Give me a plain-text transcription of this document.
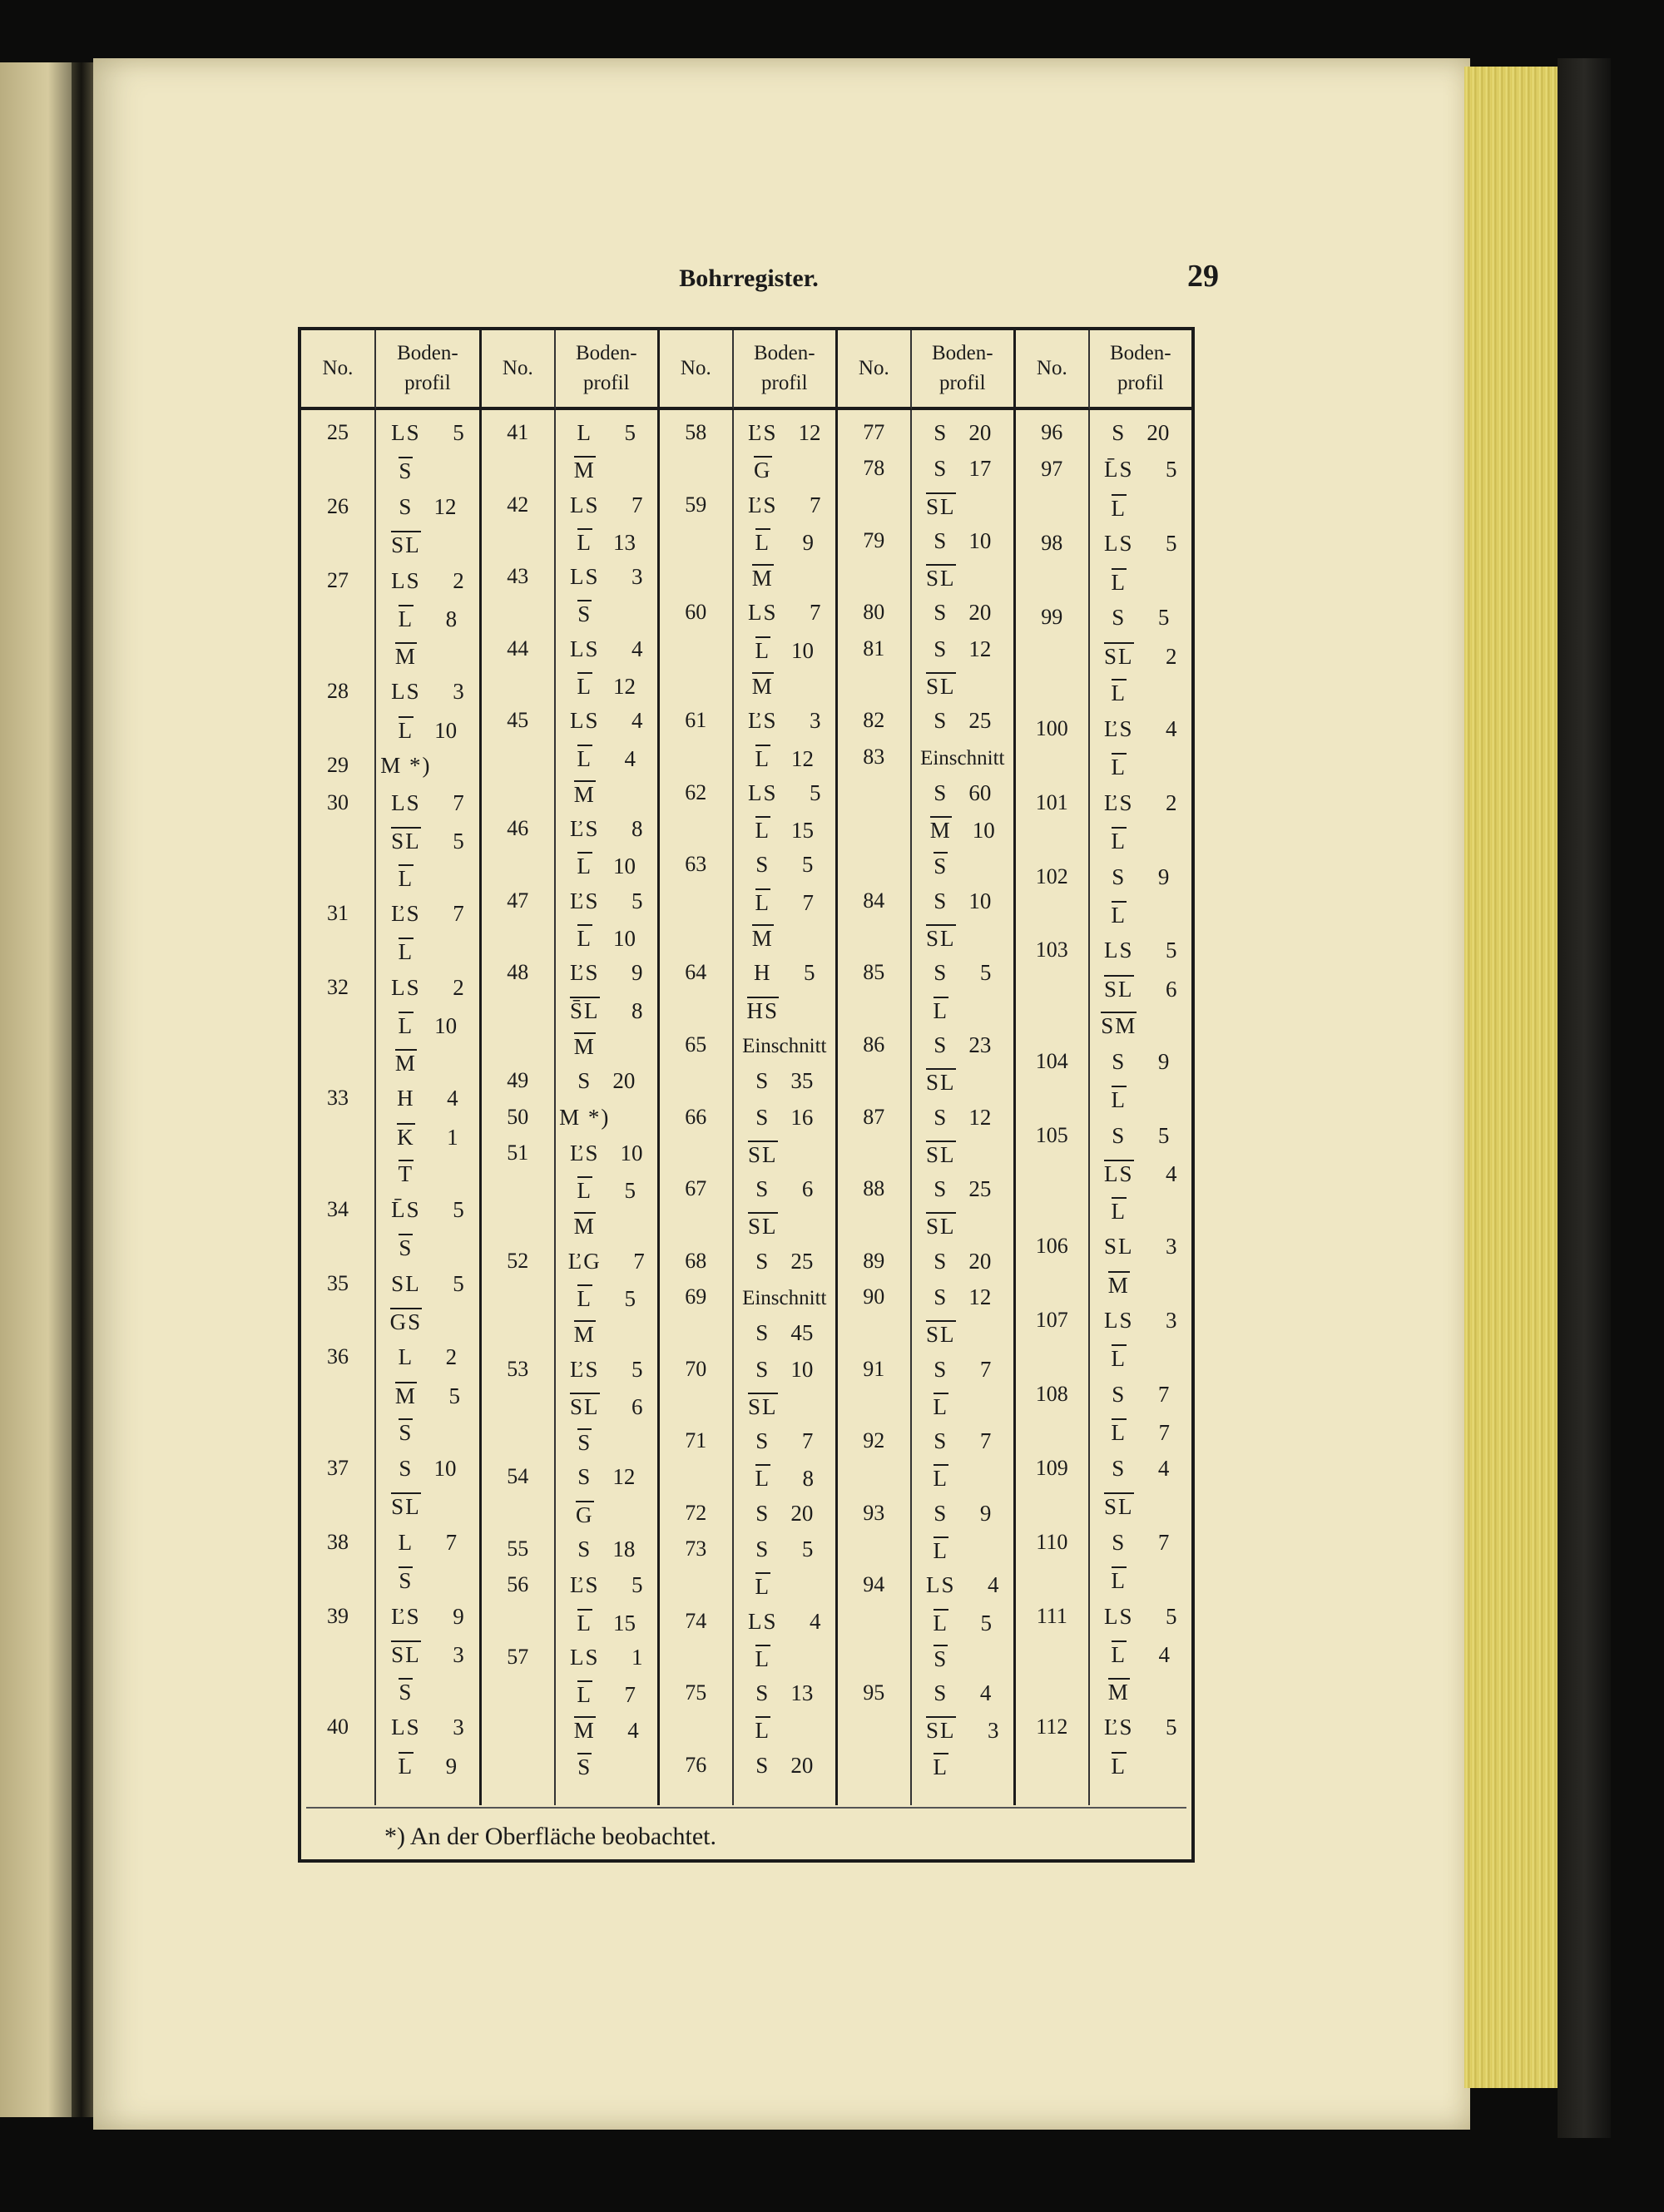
Bohrregister.	29
No.
Boden-
profil
25
26
27
28
29
30
31
32
33
34
35
36
37
38
39
40
LS 5
S
S 12
SL
LS 2
L 8
M
LS 3
L 10
M *)
LS 7
SL 5
L
ĽS 7
L
LS 2
L 10
M
H 4
K 1
T
L̄S 5
S
SL 5
GS
L 2
M 5
S
S 10
SL
L 7
S
ĽS 9
SL 3
S
LS 3
L 9
No.
Boden-
profil
41
42
43
44
45
46
47
48
49
50
51
52
53
54
55
56
57
L 5
M
LS 7
L 13
LS 3
S
LS 4
L 12
LS 4
L 4
M
ĽS 8
L 10
ĽS 5
L 10
ĽS 9
S̄L 8
M
S 20
M *)
ĽS 10
L 5
M
ĽG 7
L 5
M
ĽS 5
SL 6
S
S 12
G
S 18
ĽS 5
L 15
LS 1
L 7
M 4
S
No.
Boden-
profil
58
59
60
61
62
63
64
65
66
67
68
69
70
71
72
73
74
75
76
ĽS 12
G
ĽS 7
L 9
M
LS 7
L 10
M
ĽS 3
L 12
LS 5
L 15
S 5
L 7
M
H 5
HS
Einschnitt
S 35
S 16
SL
S 6
SL
S 25
Einschnitt
S 45
S 10
SL
S 7
L 8
S 20
S 5
L
LS 4
L
S 13
L
S 20
No.
Boden-
profil
77
78
79
80
81
82
83
84
85
86
87
88
89
90
91
92
93
94
95
S 20
S 17
SL
S 10
SL
S 20
S 12
SL
S 25
Einschnitt
S 60
M 10
S
S 10
SL
S 5
L
S 23
SL
S 12
SL
S 25
SL
S 20
S 12
SL
S 7
L
S 7
L
S 9
L
LS 4
L 5
S
S 4
SL 3
L
No.
Boden-
profil
96
97
98
99
100
101
102
103
104
105
106
107
108
109
110
111
112
S 20
L̄S 5
L
LS 5
L
S 5
SL 2
L
ĽS 4
L
ĽS 2
L
S 9
L
LS 5
SL 6
SM
S 9
L
S 5
LS 4
L
SL 3
M
LS 3
L
S 7
L 7
S 4
SL
S 7
L
LS 5
L 4
M
ĽS 5
L
*) An der Oberfläche beobachtet.
